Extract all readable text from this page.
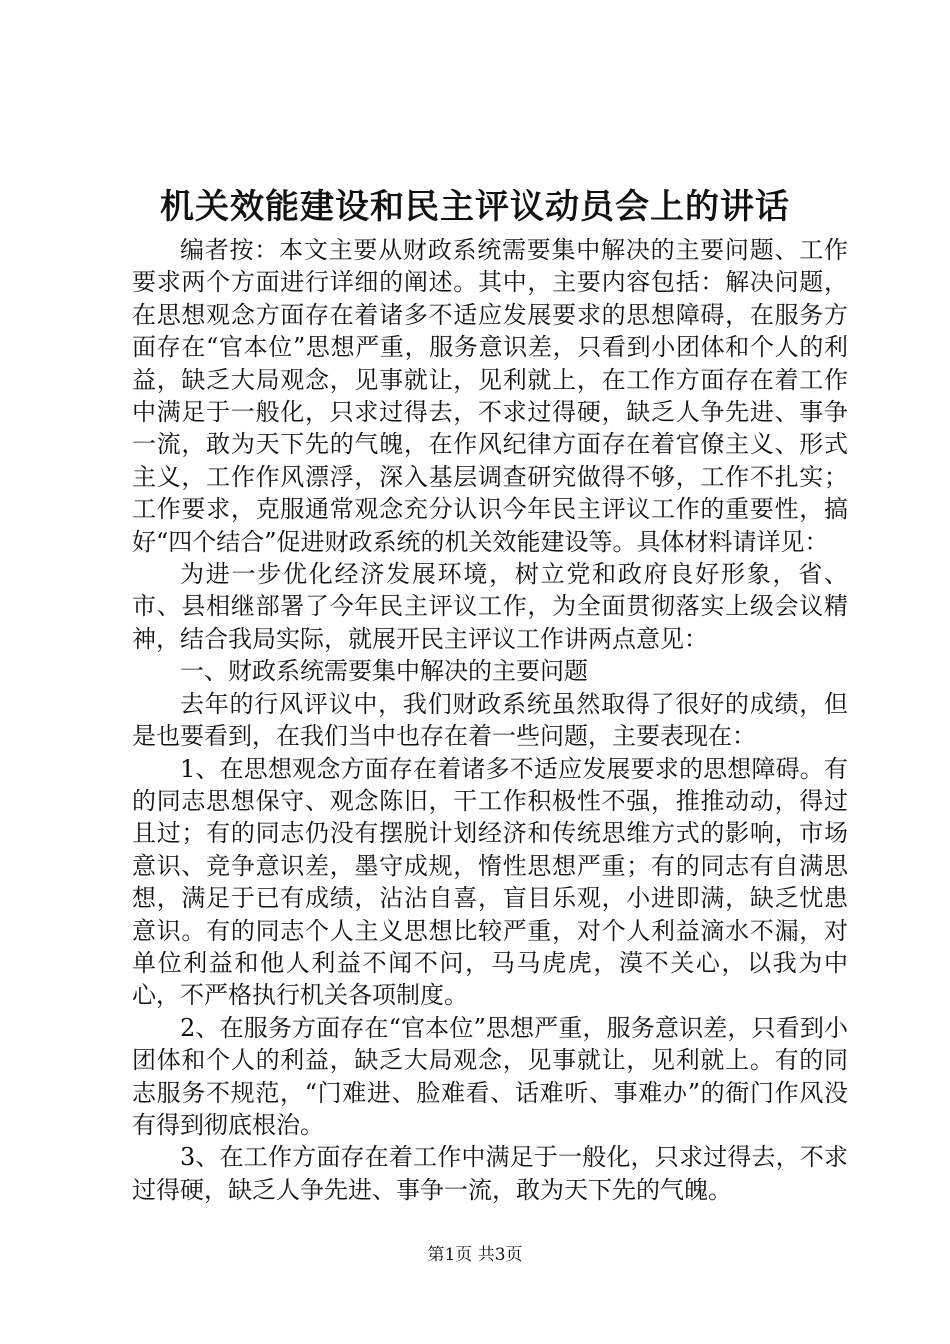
机关效能建设和民主评议动员会上的讲话

编者按：本文主要从财政系统需要集中解决的主要问题、工作要求两个方面进行详细的阐述。其中，主要内容包括：解决问题，在思想观念方面存在着诸多不适应发展要求的思想障碍，在服务方面存在“官本位”思想严重，服务意识差，只看到小团体和个人的利益，缺乏大局观念，见事就让，见利就上，在工作方面存在着工作中满足于一般化，只求过得去，不求过得硬，缺乏人争先进、事争一流，敢为天下先的气魄，在作风纪律方面存在着官僚主义、形式主义，工作作风漂浮，深入基层调查研究做得不够，工作不扎实；工作要求，克服通常观念充分认识今年民主评议工作的重要性，搞好“四个结合”促进财政系统的机关效能建设等。具体材料请详见：

为进一步优化经济发展环境，树立党和政府良好形象，省、市、县相继部署了今年民主评议工作，为全面贯彻落实上级会议精神，结合我局实际，就展开民主评议工作讲两点意见：

一、财政系统需要集中解决的主要问题

去年的行风评议中，我们财政系统虽然取得了很好的成绩，但是也要看到，在我们当中也存在着一些问题，主要表现在：

1、在思想观念方面存在着诸多不适应发展要求的思想障碍。有的同志思想保守、观念陈旧，干工作积极性不强，推推动动，得过且过；有的同志仍没有摆脱计划经济和传统思维方式的影响，市场意识、竞争意识差，墨守成规，惰性思想严重；有的同志有自满思想，满足于已有成绩，沾沾自喜，盲目乐观，小进即满，缺乏忧患意识。有的同志个人主义思想比较严重，对个人利益滴水不漏，对单位利益和他人利益不闻不问，马马虎虎，漠不关心，以我为中心，不严格执行机关各项制度。

2、在服务方面存在“官本位”思想严重，服务意识差，只看到小团体和个人的利益，缺乏大局观念，见事就让，见利就上。有的同志服务不规范，“门难进、脸难看、话难听、事难办”的衙门作风没有得到彻底根治。

3、在工作方面存在着工作中满足于一般化，只求过得去，不求过得硬，缺乏人争先进、事争一流，敢为天下先的气魄。

第1页 共3页
